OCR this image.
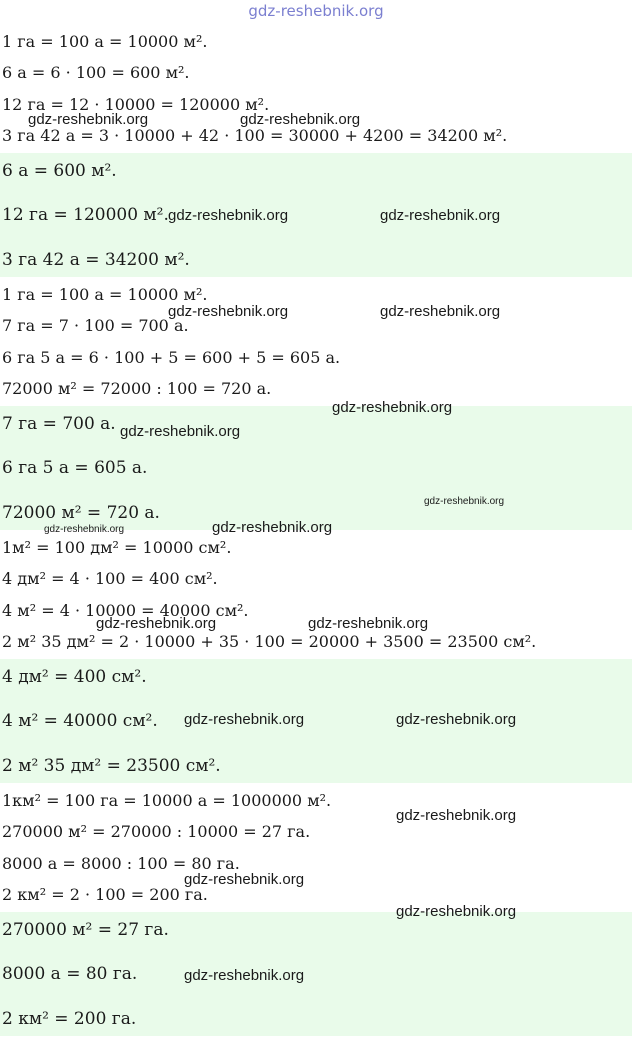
gdz-reshebnik.org
1 га = 100 а = 10000 м².
6 а = 6 · 100 = 600 м².
12 га = 12 · 10000 = 120000 м².
3 га 42 а = 3 · 10000 + 42 · 100 = 30000 + 4200 = 34200 м².
6 а = 600 м².
12 га = 120000 м².
3 га 42 а = 34200 м².
1 га = 100 а = 10000 м².
7 га = 7 · 100 = 700 а.
6 га 5 а = 6 · 100 + 5 = 600 + 5 = 605 а.
72000 м² = 72000 : 100 = 720 а.
7 га = 700 а.
6 га 5 а = 605 а.
72000 м² = 720 а.
1м² = 100 дм² = 10000 см².
4 дм² = 4 · 100 = 400 см².
4 м² = 4 · 10000 = 40000 см².
2 м² 35 дм² = 2 · 10000 + 35 · 100 = 20000 + 3500 = 23500 см².
4 дм² = 400 см².
4 м² = 40000 см².
2 м² 35 дм² = 23500 см².
1км² = 100 га = 10000 а = 1000000 м².
270000 м² = 270000 : 10000 = 27 га.
8000 а = 8000 : 100 = 80 га.
2 км² = 2 · 100 = 200 га.
270000 м² = 27 га.
8000 а = 80 га.
2 км² = 200 га.
gdz-reshebnik.org	gdz-reshebnik.org
gdz-reshebnik.org	gdz-reshebnik.org
gdz-reshebnik.org	gdz-reshebnik.org
gdz-reshebnik.org
gdz-reshebnik.org
gdz-reshebnik.org
gdz-reshebnik.org	gdz-reshebnik.org
gdz-reshebnik.org	gdz-reshebnik.org
gdz-reshebnik.org	gdz-reshebnik.org
gdz-reshebnik.org
gdz-reshebnik.org
gdz-reshebnik.org
gdz-reshebnik.org
